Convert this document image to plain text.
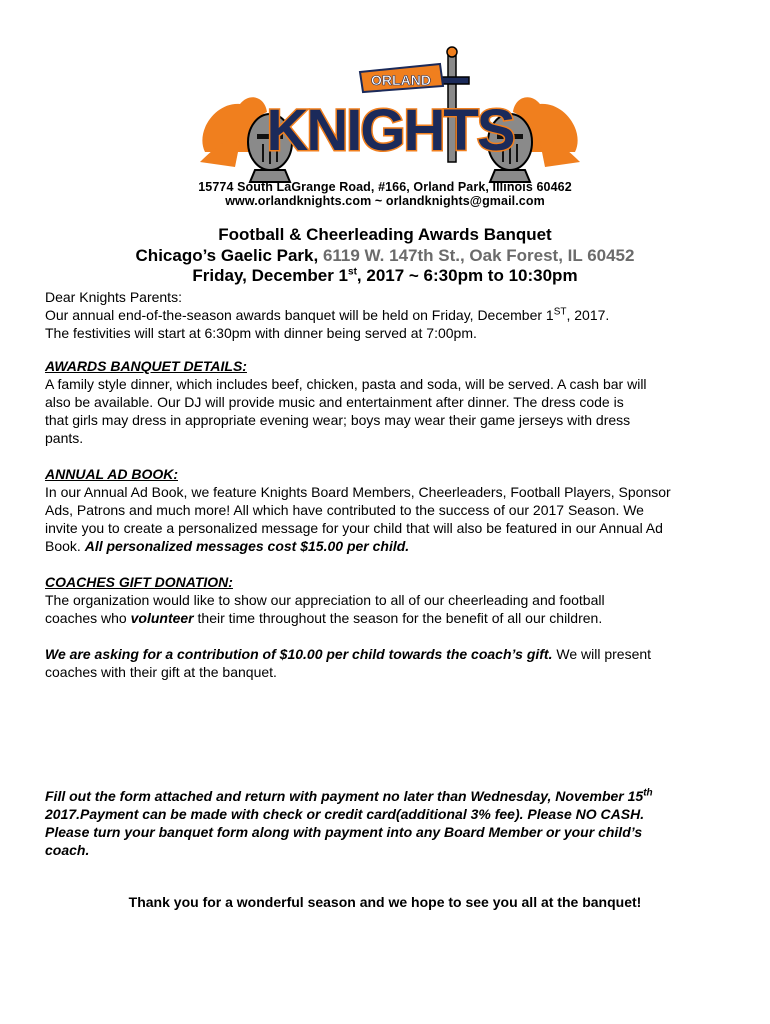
ORLAND
KNIGHTS
15774 South LaGrange Road, #166, Orland Park, Illinois 60462
www.orlandknights.com ~ orlandknights@gmail.com
Football & Cheerleading Awards Banquet
Chicago’s Gaelic Park, 6119 W. 147th St., Oak Forest, IL 60452
Friday, December 1st, 2017 ~ 6:30pm to 10:30pm
Dear Knights Parents:
Our annual end-of-the-season awards banquet will be held on Friday, December 1ST, 2017.
The festivities will start at 6:30pm with dinner being served at 7:00pm.
AWARDS BANQUET DETAILS:
A family style dinner, which includes beef, chicken, pasta and soda, will be served. A cash bar will
also be available. Our DJ will provide music and entertainment after dinner. The dress code is
that girls may dress in appropriate evening wear; boys may wear their game jerseys with dress
pants.
ANNUAL AD BOOK:
In our Annual Ad Book, we feature Knights Board Members, Cheerleaders, Football Players, Sponsor
Ads, Patrons and much more! All which have contributed to the success of our 2017 Season. We
invite you to create a personalized message for your child that will also be featured in our Annual Ad
Book. All personalized messages cost $15.00 per child.
COACHES GIFT DONATION:
The organization would like to show our appreciation to all of our cheerleading and football
coaches who volunteer their time throughout the season for the benefit of all our children.
We are asking for a contribution of $10.00 per child towards the coach’s gift. We will present
coaches with their gift at the banquet.
Fill out the form attached and return with payment no later than Wednesday, November 15th
2017.Payment can be made with check or credit card(additional 3% fee). Please NO CASH.
Please turn your banquet form along with payment into any Board Member or your child’s
coach.
Thank you for a wonderful season and we hope to see you all at the banquet!
